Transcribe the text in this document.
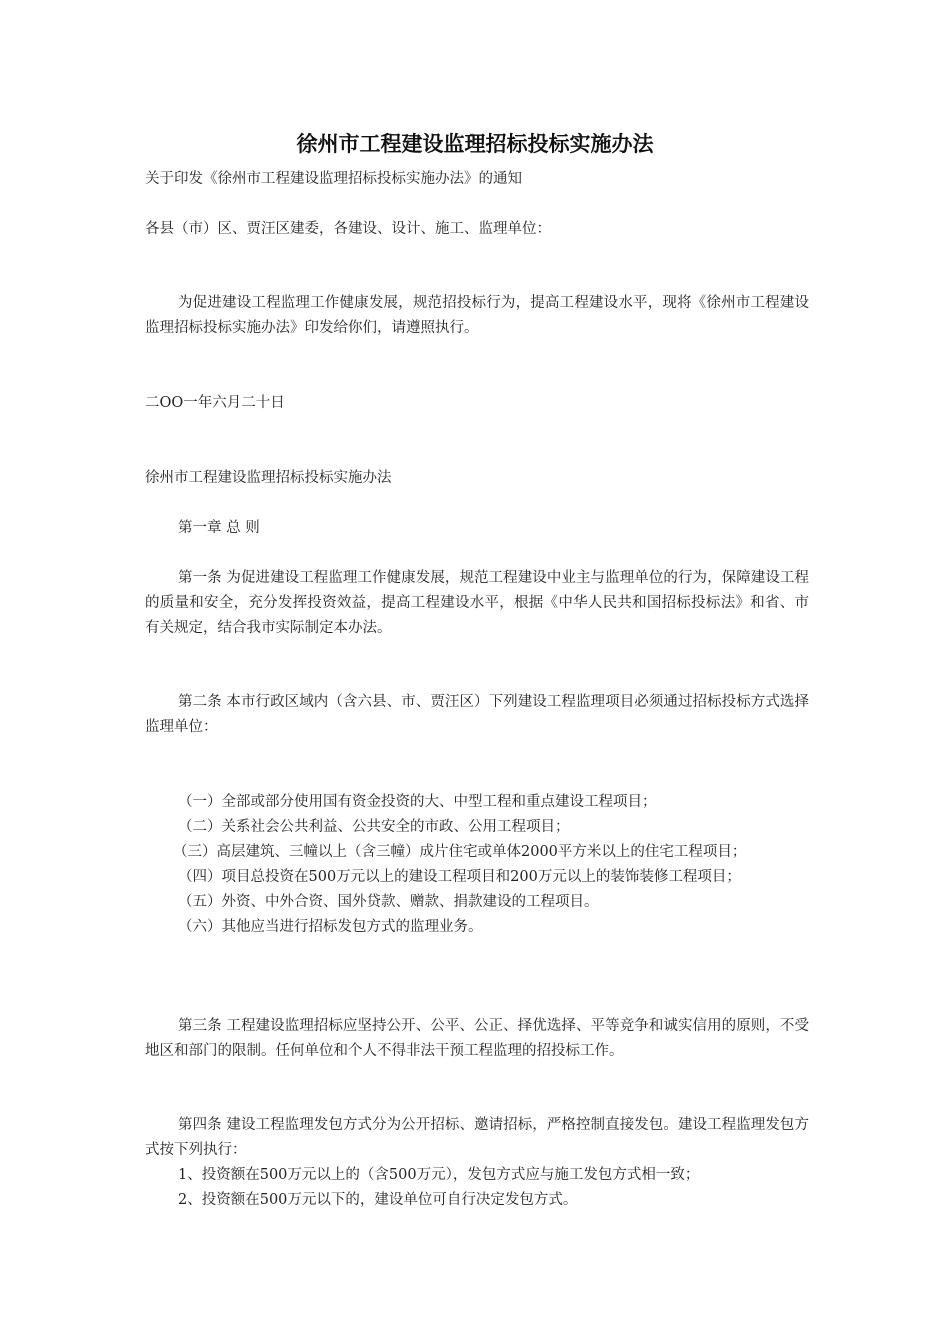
徐州市工程建设监理招标投标实施办法

关于印发《徐州市工程建设监理招标投标实施办法》的通知

各县（市）区、贾汪区建委，各建设、设计、施工、监理单位：

为促进建设工程监理工作健康发展，规范招投标行为，提高工程建设水平，现将《徐州市工程建设监理招标投标实施办法》印发给你们，请遵照执行。

二OO一年六月二十日

徐州市工程建设监理招标投标实施办法

第一章 总 则

第一条 为促进建设工程监理工作健康发展，规范工程建设中业主与监理单位的行为，保障建设工程的质量和安全，充分发挥投资效益，提高工程建设水平，根据《中华人民共和国招标投标法》和省、市有关规定，结合我市实际制定本办法。

第二条 本市行政区域内（含六县、市、贾汪区）下列建设工程监理项目必须通过招标投标方式选择监理单位：

（一）全部或部分使用国有资金投资的大、中型工程和重点建设工程项目；
（二）关系社会公共利益、公共安全的市政、公用工程项目；
（三）高层建筑、三幢以上（含三幢）成片住宅或单体2000平方米以上的住宅工程项目；
（四）项目总投资在500万元以上的建设工程项目和200万元以上的装饰装修工程项目；
（五）外资、中外合资、国外贷款、赠款、捐款建设的工程项目。
（六）其他应当进行招标发包方式的监理业务。

第三条 工程建设监理招标应坚持公开、公平、公正、择优选择、平等竞争和诚实信用的原则，不受地区和部门的限制。任何单位和个人不得非法干预工程监理的招投标工作。

第四条 建设工程监理发包方式分为公开招标、邀请招标，严格控制直接发包。建设工程监理发包方式按下列执行：

1、投资额在500万元以上的（含500万元），发包方式应与施工发包方式相一致；
2、投资额在500万元以下的，建设单位可自行决定发包方式。
